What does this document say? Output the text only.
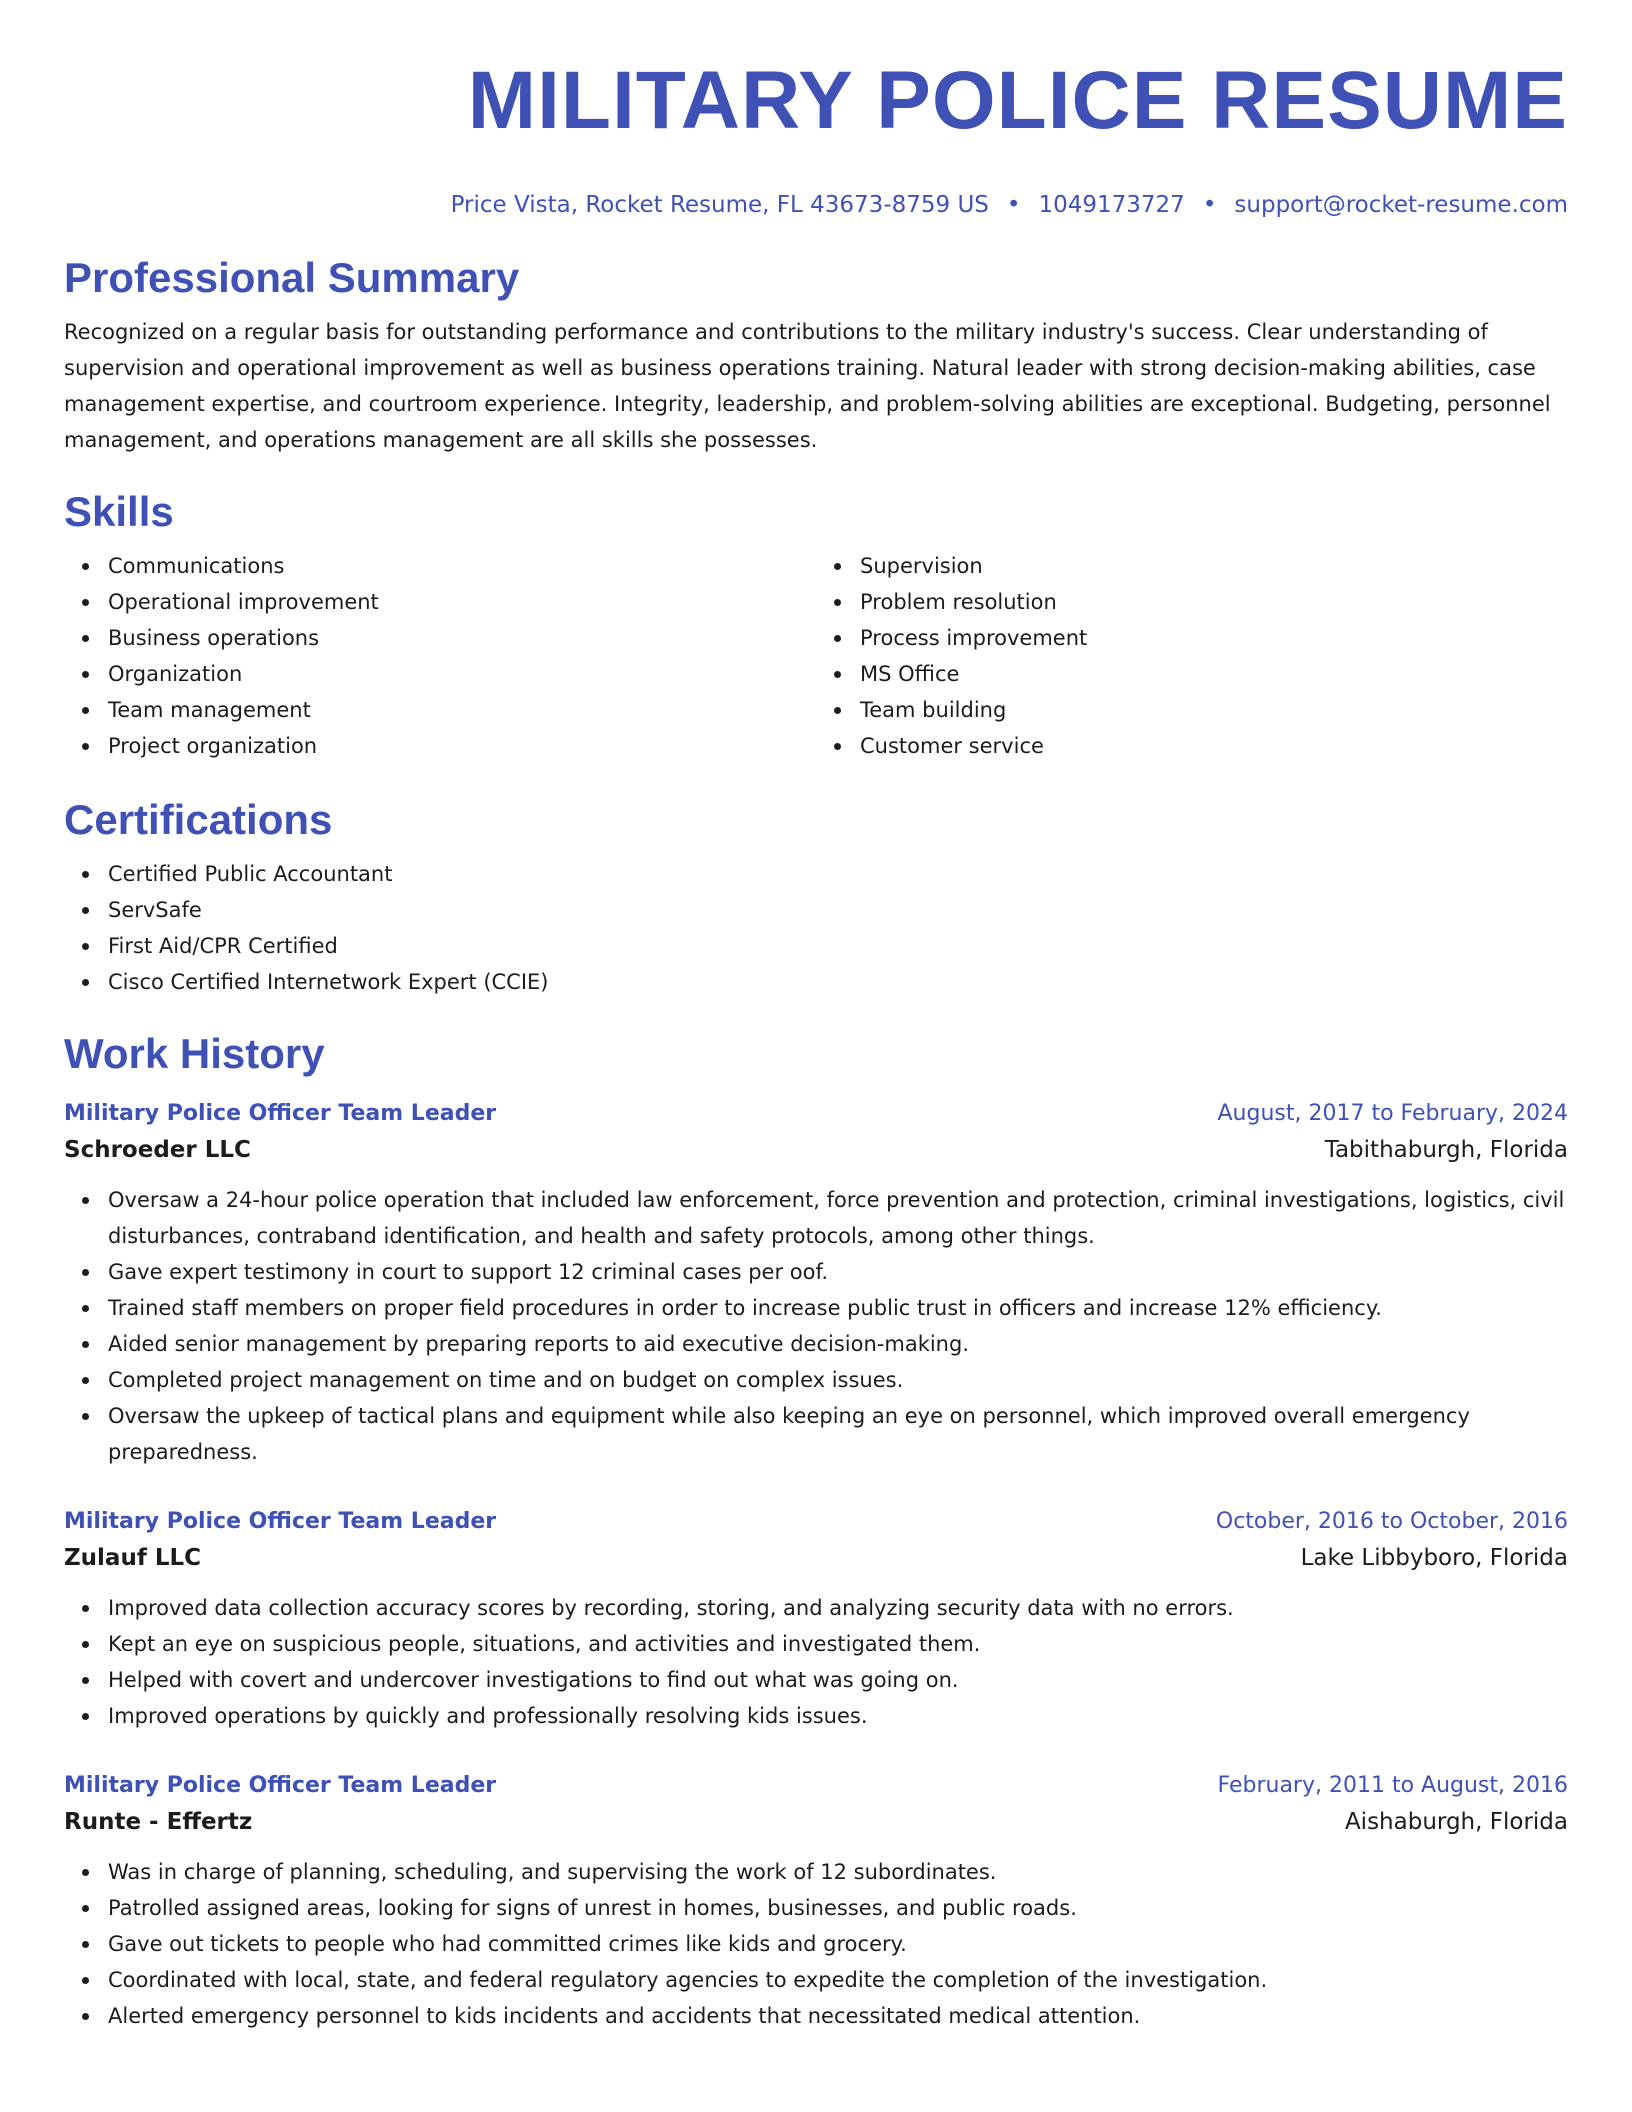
MILITARY POLICE RESUME
Price Vista, Rocket Resume, FL 43673-8759 US • 1049173727 • support@rocket-resume.com
Professional Summary
Recognized on a regular basis for outstanding performance and contributions to the military industry's success. Clear understanding of supervision and operational improvement as well as business operations training. Natural leader with strong decision-making abilities, case management expertise, and courtroom experience. Integrity, leadership, and problem-solving abilities are exceptional. Budgeting, personnel management, and operations management are all skills she possesses.
Skills
Communications
Operational improvement
Business operations
Organization
Team management
Project organization
Supervision
Problem resolution
Process improvement
MS Office
Team building
Customer service
Certifications
Certified Public Accountant
ServSafe
First Aid/CPR Certified
Cisco Certified Internetwork Expert (CCIE)
Work History
Military Police Officer Team Leader	August, 2017 to February, 2024
Schroeder LLC	Tabithaburgh, Florida
Oversaw a 24-hour police operation that included law enforcement, force prevention and protection, criminal investigations, logistics, civil disturbances, contraband identification, and health and safety protocols, among other things.
Gave expert testimony in court to support 12 criminal cases per oof.
Trained staff members on proper field procedures in order to increase public trust in officers and increase 12% efficiency.
Aided senior management by preparing reports to aid executive decision-making.
Completed project management on time and on budget on complex issues.
Oversaw the upkeep of tactical plans and equipment while also keeping an eye on personnel, which improved overall emergency preparedness.
Military Police Officer Team Leader	October, 2016 to October, 2016
Zulauf LLC	Lake Libbyboro, Florida
Improved data collection accuracy scores by recording, storing, and analyzing security data with no errors.
Kept an eye on suspicious people, situations, and activities and investigated them.
Helped with covert and undercover investigations to find out what was going on.
Improved operations by quickly and professionally resolving kids issues.
Military Police Officer Team Leader	February, 2011 to August, 2016
Runte - Effertz	Aishaburgh, Florida
Was in charge of planning, scheduling, and supervising the work of 12 subordinates.
Patrolled assigned areas, looking for signs of unrest in homes, businesses, and public roads.
Gave out tickets to people who had committed crimes like kids and grocery.
Coordinated with local, state, and federal regulatory agencies to expedite the completion of the investigation.
Alerted emergency personnel to kids incidents and accidents that necessitated medical attention.
